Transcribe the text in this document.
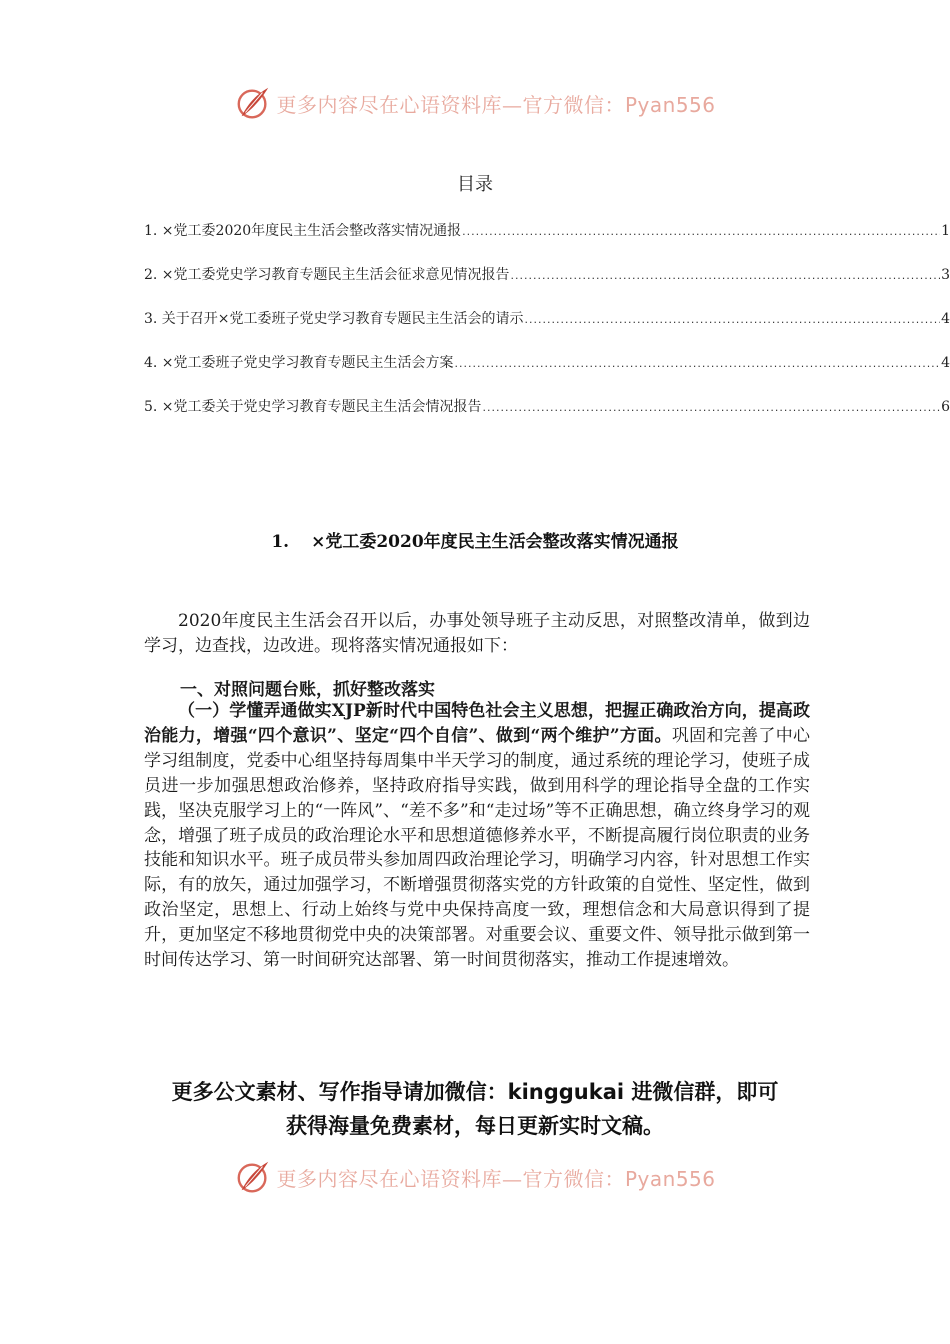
更多内容尽在心语资料库—官方微信：Pyan556
目录
1. ×党工委2020年度民主生活会整改落实情况通报 .....	1
2. ×党工委党史学习教育专题民主生活会征求意见情况报告 .....	3
3. 关于召开×党工委班子党史学习教育专题民主生活会的请示 .....	4
4. ×党工委班子党史学习教育专题民主生活会方案 .....	4
5. ×党工委关于党史学习教育专题民主生活会情况报告 .....	6
1. ×党工委2020年度民主生活会整改落实情况通报
2020年度民主生活会召开以后，办事处领导班子主动反思，对照整改清单，做到边学习，边查找，边改进。现将落实情况通报如下：
一、对照问题台账，抓好整改落实
（一）学懂弄通做实XJP新时代中国特色社会主义思想，把握正确政治方向，提高政治能力，增强“四个意识”、坚定“四个自信”、做到“两个维护”方面。巩固和完善了中心学习组制度，党委中心组坚持每周集中半天学习的制度，通过系统的理论学习，使班子成员进一步加强思想政治修养，坚持政府指导实践，做到用科学的理论指导全盘的工作实践，坚决克服学习上的“一阵风”、“差不多”和“走过场”等不正确思想，确立终身学习的观念，增强了班子成员的政治理论水平和思想道德修养水平，不断提高履行岗位职责的业务技能和知识水平。班子成员带头参加周四政治理论学习，明确学习内容，针对思想工作实际，有的放矢，通过加强学习，不断增强贯彻落实党的方针政策的自觉性、坚定性，做到政治坚定，思想上、行动上始终与党中央保持高度一致，理想信念和大局意识得到了提升，更加坚定不移地贯彻党中央的决策部署。对重要会议、重要文件、领导批示做到第一时间传达学习、第一时间研究达部署、第一时间贯彻落实，推动工作提速增效。
更多公文素材、写作指导请加微信：kinggukai 进微信群，即可
获得海量免费素材，每日更新实时文稿。
更多内容尽在心语资料库—官方微信：Pyan556
